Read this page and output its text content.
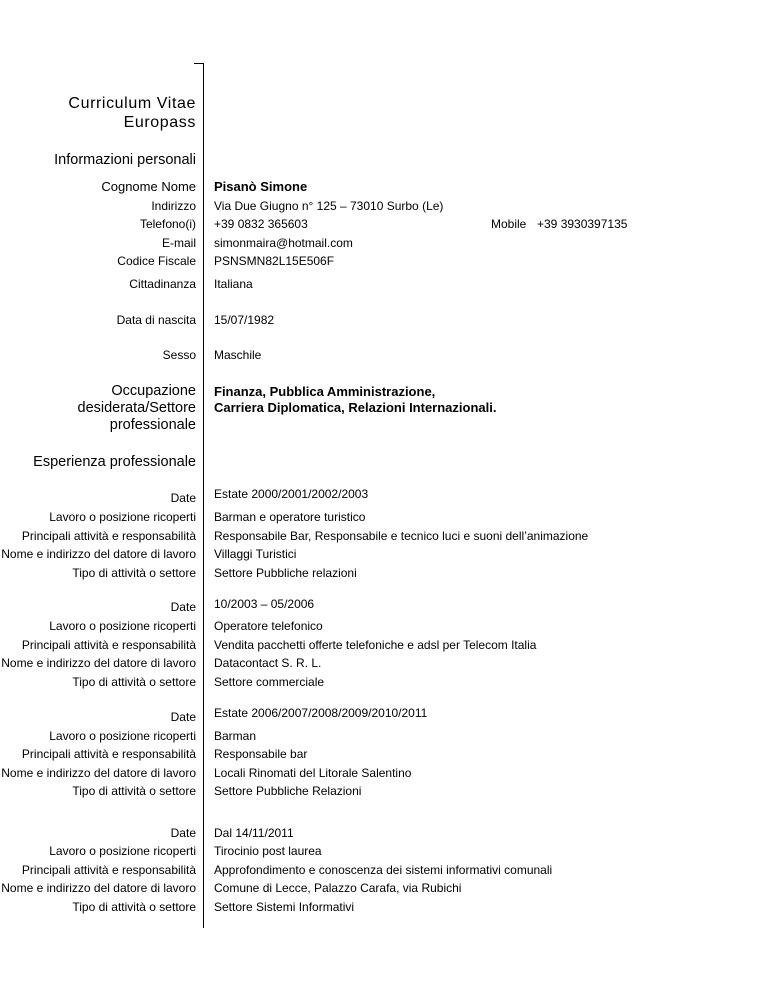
Curriculum Vitae
Europass
Informazioni personali
Cognome Nome Pisanò Simone
Indirizzo Via Due Giugno n° 125 – 73010 Surbo (Le)
Telefono(i) +39 0832 365603	Mobile +39 3930397135
E-mail simonmaira@hotmail.com
Codice Fiscale PSNSMN82L15E506F
Cittadinanza Italiana
Data di nascita 15/07/1982
Sesso Maschile
Occupazione
desiderata/Settore
professionale
Finanza, Pubblica Amministrazione,
Carriera Diplomatica, Relazioni Internazionali.
Esperienza professionale
Date Estate 2000/2001/2002/2003
Lavoro o posizione ricoperti Barman e operatore turistico
Principali attività e responsabilità Responsabile Bar, Responsabile e tecnico luci e suoni dell’animazione
Nome e indirizzo del datore di lavoro Villaggi Turistici
Tipo di attività o settore Settore Pubbliche relazioni
Date 10/2003 – 05/2006
Lavoro o posizione ricoperti Operatore telefonico
Principali attività e responsabilità Vendita pacchetti offerte telefoniche e adsl per Telecom Italia
Nome e indirizzo del datore di lavoro Datacontact S. R. L.
Tipo di attività o settore Settore commerciale
Date Estate 2006/2007/2008/2009/2010/2011
Lavoro o posizione ricoperti Barman
Principali attività e responsabilità Responsabile bar
Nome e indirizzo del datore di lavoro Locali Rinomati del Litorale Salentino
Tipo di attività o settore Settore Pubbliche Relazioni
Date Dal 14/11/2011
Lavoro o posizione ricoperti Tirocinio post laurea
Principali attività e responsabilità Approfondimento e conoscenza dei sistemi informativi comunali
Nome e indirizzo del datore di lavoro Comune di Lecce, Palazzo Carafa, via Rubichi
Tipo di attività o settore Settore Sistemi Informativi
